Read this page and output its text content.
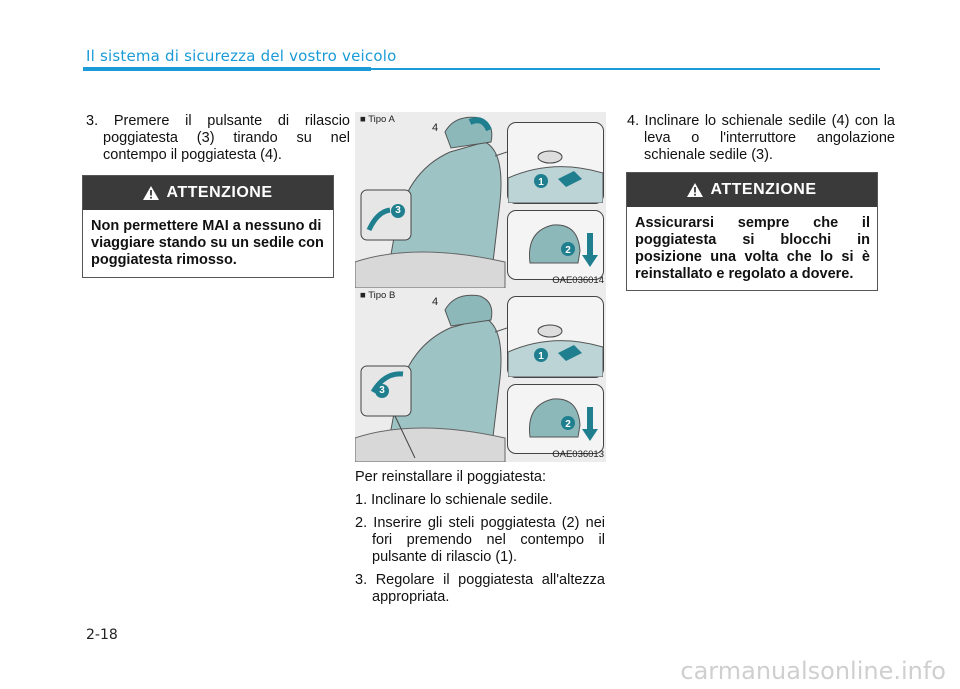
Il sistema di sicurezza del vostro veicolo
3. Premere il pulsante di rilascio poggiatesta (3) tirando su nel contempo il poggiatesta (4).
ATTENZIONE
Non permettere MAI a nessuno di viaggiare stando su un sedile con poggiatesta rimosso.
■ Tipo A
1
2
3
4
OAE036014
■ Tipo B
1
2
3
4
OAE036013

Per reinstallare il poggiatesta:

1. Inclinare lo schienale sedile.

2. Inserire gli steli poggiatesta (2) nei fori premendo nel contempo il pulsante di rilascio (1).

3. Regolare il poggiatesta all'altezza appropriata.

4. Inclinare lo schienale sedile (4) con la leva o l'interruttore angolazione schienale sedile (3).
ATTENZIONE
Assicurarsi sempre che il poggiatesta si blocchi in posizione una volta che lo si è reinstallato e regolato a dovere.
2-18
carmanualsonline.info
